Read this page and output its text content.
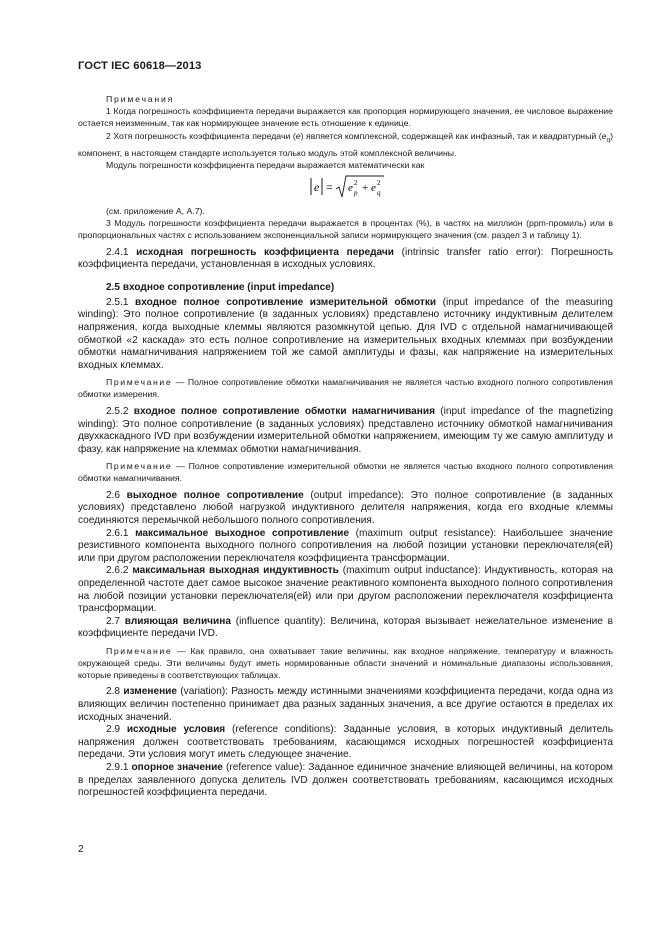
ГОСТ IEC 60618—2013
Примечания

1 Когда погрешность коэффициента передачи выражается как пропорция нормирующего значения, ее числовое выражение остается неизменным, так как нормирующее значение есть отношение к единице.

2 Хотя погрешность коэффициента передачи (е) является комплексной, содержащей как инфазный, так и квадратурный $(е_q)$ компонент, в настоящем стандарте используется только модуль этой комплексной величины.

Модуль погрешности коэффициента передачи выражается математически как

e = e 2
p + e 2
q

(см. приложение А, А.7).

3 Модуль погрешности коэффициента передачи выражается в процентах (%), в частях на миллион (ppm-промиль) или в пропорциональных частях с использованием экспоненциальной записи нормирующего значения (см. раздел 3 и таблицу 1).

2.4.1 исходная погрешность коэффициента передачи (intrinsic transfer ratio error): Погрешность коэффициента передачи, установленная в исходных условиях.

2.5 входное сопротивление (input impedance)

2.5.1 входное полное сопротивление измерительной обмотки (input impedance of the measuring winding): Это полное сопротивление (в заданных условиях) представлено источнику индуктивным делителем напряжения, когда выходные клеммы являются разомкнутой цепью. Для IVD с отдельной намагничивающей обмоткой «2 каскада» это есть полное сопротивление на измерительных входных клеммах при возбуждении обмотки намагничивания напряжением той же самой амплитуды и фазы, как напряжение на измерительных входных клеммах.

Примечание — Полное сопротивление обмотки намагничивания не является частью входного полного сопротивления обмотки измерения.

2.5.2 входное полное сопротивление обмотки намагничивания (input impedance of the magnetizing winding): Это полное сопротивление (в заданных условиях) представлено источнику обмоткой намагничивания двухкаскадного IVD при возбуждении измерительной обмотки напряжением, имеющим ту же самую амплитуду и фазу, как напряжение на клеммах обмотки намагничивания.

Примечание — Полное сопротивление измерительной обмотки не является частью входного полного сопротивления обмотки намагничивания.

2.6 выходное полное сопротивление (output impedance): Это полное сопротивление (в заданных условиях) представлено любой нагрузкой индуктивного делителя напряжения, когда его входные клеммы соединяются перемычкой небольшого полного сопротивления.

2.6.1 максимальное выходное сопротивление (maximum output resistance): Наибольшее значение резистивного компонента выходного полного сопротивления на любой позиции установки переключателя(ей) или при другом расположении переключателя коэффициента трансформации.

2.6.2 максимальная выходная индуктивность (maximum output inductance): Индуктивность, которая на определенной частоте дает самое высокое значение реактивного компонента выходного полного сопротивления на любой позиции установки переключателя(ей) или при другом расположении переключателя коэффициента трансформации.

2.7 влияющая величина (influence quantity): Величина, которая вызывает нежелательное изменение в коэффициенте передачи IVD.

Примечание — Как правило, она охватывает такие величины, как входное напряжение, температуру и влажность окружающей среды. Эти величины будут иметь нормированные области значений и номинальные диапазоны использования, которые приведены в соответствующих таблицах.

2.8 изменение (variation): Разность между истинными значениями коэффициента передачи, когда одна из влияющих величин постепенно принимает два разных заданных значения, а все другие остаются в пределах их исходных значений.

2.9 исходные условия (reference conditions): Заданные условия, в которых индуктивный делитель напряжения должен соответствовать требованиям, касающимся исходных погрешностей коэффициента передачи. Эти условия могут иметь следующее значение.

2.9.1 опорное значение (reference value): Заданное единичное значение влияющей величины, на котором в пределах заявленного допуска делитель IVD должен соответствовать требованиям, касающимся исходных погрешностей коэффициента передачи.

2
